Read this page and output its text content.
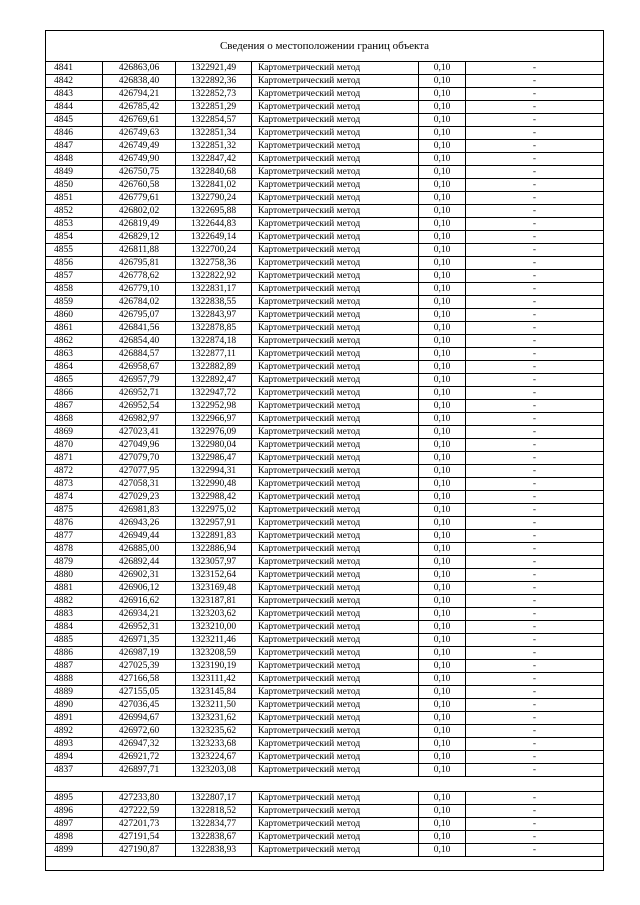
Сведения о местоположении границ объекта
4841	426863,06	1322921,49	Картометрический метод	0,10	-
4842	426838,40	1322892,36	Картометрический метод	0,10	-
4843	426794,21	1322852,73	Картометрический метод	0,10	-
4844	426785,42	1322851,29	Картометрический метод	0,10	-
4845	426769,61	1322854,57	Картометрический метод	0,10	-
4846	426749,63	1322851,34	Картометрический метод	0,10	-
4847	426749,49	1322851,32	Картометрический метод	0,10	-
4848	426749,90	1322847,42	Картометрический метод	0,10	-
4849	426750,75	1322840,68	Картометрический метод	0,10	-
4850	426760,58	1322841,02	Картометрический метод	0,10	-
4851	426779,61	1322790,24	Картометрический метод	0,10	-
4852	426802,02	1322695,88	Картометрический метод	0,10	-
4853	426819,49	1322644,83	Картометрический метод	0,10	-
4854	426829,12	1322649,14	Картометрический метод	0,10	-
4855	426811,88	1322700,24	Картометрический метод	0,10	-
4856	426795,81	1322758,36	Картометрический метод	0,10	-
4857	426778,62	1322822,92	Картометрический метод	0,10	-
4858	426779,10	1322831,17	Картометрический метод	0,10	-
4859	426784,02	1322838,55	Картометрический метод	0,10	-
4860	426795,07	1322843,97	Картометрический метод	0,10	-
4861	426841,56	1322878,85	Картометрический метод	0,10	-
4862	426854,40	1322874,18	Картометрический метод	0,10	-
4863	426884,57	1322877,11	Картометрический метод	0,10	-
4864	426958,67	1322882,89	Картометрический метод	0,10	-
4865	426957,79	1322892,47	Картометрический метод	0,10	-
4866	426952,71	1322947,72	Картометрический метод	0,10	-
4867	426952,54	1322952,98	Картометрический метод	0,10	-
4868	426982,97	1322966,97	Картометрический метод	0,10	-
4869	427023,41	1322976,09	Картометрический метод	0,10	-
4870	427049,96	1322980,04	Картометрический метод	0,10	-
4871	427079,70	1322986,47	Картометрический метод	0,10	-
4872	427077,95	1322994,31	Картометрический метод	0,10	-
4873	427058,31	1322990,48	Картометрический метод	0,10	-
4874	427029,23	1322988,42	Картометрический метод	0,10	-
4875	426981,83	1322975,02	Картометрический метод	0,10	-
4876	426943,26	1322957,91	Картометрический метод	0,10	-
4877	426949,44	1322891,83	Картометрический метод	0,10	-
4878	426885,00	1322886,94	Картометрический метод	0,10	-
4879	426892,44	1323057,97	Картометрический метод	0,10	-
4880	426902,31	1323152,64	Картометрический метод	0,10	-
4881	426906,12	1323169,48	Картометрический метод	0,10	-
4882	426916,62	1323187,81	Картометрический метод	0,10	-
4883	426934,21	1323203,62	Картометрический метод	0,10	-
4884	426952,31	1323210,00	Картометрический метод	0,10	-
4885	426971,35	1323211,46	Картометрический метод	0,10	-
4886	426987,19	1323208,59	Картометрический метод	0,10	-
4887	427025,39	1323190,19	Картометрический метод	0,10	-
4888	427166,58	1323111,42	Картометрический метод	0,10	-
4889	427155,05	1323145,84	Картометрический метод	0,10	-
4890	427036,45	1323211,50	Картометрический метод	0,10	-
4891	426994,67	1323231,62	Картометрический метод	0,10	-
4892	426972,60	1323235,62	Картометрический метод	0,10	-
4893	426947,32	1323233,68	Картометрический метод	0,10	-
4894	426921,72	1323224,67	Картометрический метод	0,10	-
4837	426897,71	1323203,08	Картометрический метод	0,10	-
4895	427233,80	1322807,17	Картометрический метод	0,10	-
4896	427222,59	1322818,52	Картометрический метод	0,10	-
4897	427201,73	1322834,77	Картометрический метод	0,10	-
4898	427191,54	1322838,67	Картометрический метод	0,10	-
4899	427190,87	1322838,93	Картометрический метод	0,10	-
